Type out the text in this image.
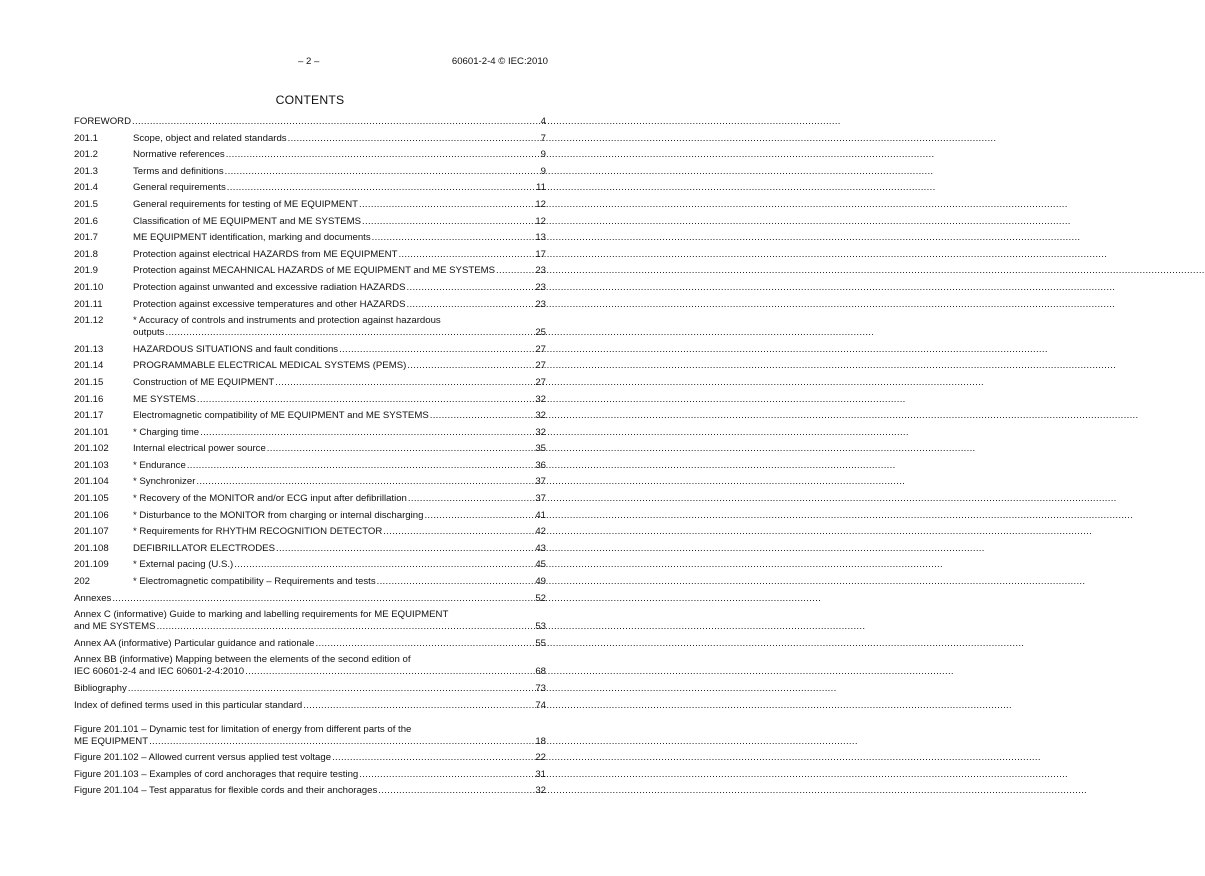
– 2 –	60601-2-4 © IEC:2010
CONTENTS
FOREWORD .....	4
201.1	Scope, object and related standards .....	7
201.2	Normative references .....	9
201.3	Terms and definitions .....	9
201.4	General requirements .....	11
201.5	General requirements for testing of ME EQUIPMENT .....	12
201.6	Classification of ME EQUIPMENT and ME SYSTEMS .....	12
201.7	ME EQUIPMENT identification, marking and documents .....	13
201.8	Protection against electrical HAZARDS from ME EQUIPMENT .....	17
201.9	Protection against MECAHNICAL HAZARDS of ME EQUIPMENT and ME SYSTEMS .....	23
201.10	Protection against unwanted and excessive radiation HAZARDS .....	23
201.11	Protection against excessive temperatures and other HAZARDS .....	23
201.12	* Accuracy of controls and instruments and protection against hazardous
outputs .....	25
201.13	HAZARDOUS SITUATIONS and fault conditions .....	27
201.14	PROGRAMMABLE ELECTRICAL MEDICAL SYSTEMS (PEMS) .....	27
201.15	Construction of ME EQUIPMENT .....	27
201.16	ME SYSTEMS .....	32
201.17	Electromagnetic compatibility of ME EQUIPMENT and ME SYSTEMS .....	32
201.101	* Charging time .....	32
201.102	Internal electrical power source .....	35
201.103	* Endurance .....	36
201.104	* Synchronizer .....	37
201.105	* Recovery of the MONITOR and/or ECG input after defibrillation .....	37
201.106	* Disturbance to the MONITOR from charging or internal discharging .....	41
201.107	* Requirements for RHYTHM RECOGNITION DETECTOR .....	42
201.108	DEFIBRILLATOR ELECTRODES .....	43
201.109	* External pacing (U.S.) .....	45
202	* Electromagnetic compatibility – Requirements and tests .....	49
Annexes .....	52
Annex C (informative) Guide to marking and labelling requirements for ME EQUIPMENT
and ME SYSTEMS .....	53
Annex AA (informative) Particular guidance and rationale .....	55
Annex BB (informative) Mapping between the elements of the second edition of
IEC 60601-2-4 and IEC 60601-2-4:2010 .....	68
Bibliography .....	73
Index of defined terms used in this particular standard .....	74
Figure 201.101 – Dynamic test for limitation of energy from different parts of the
ME EQUIPMENT .....	18
Figure 201.102 – Allowed current versus applied test voltage .....	22
Figure 201.103 – Examples of cord anchorages that require testing .....	31
Figure 201.104 – Test apparatus for flexible cords and their anchorages .....	32
